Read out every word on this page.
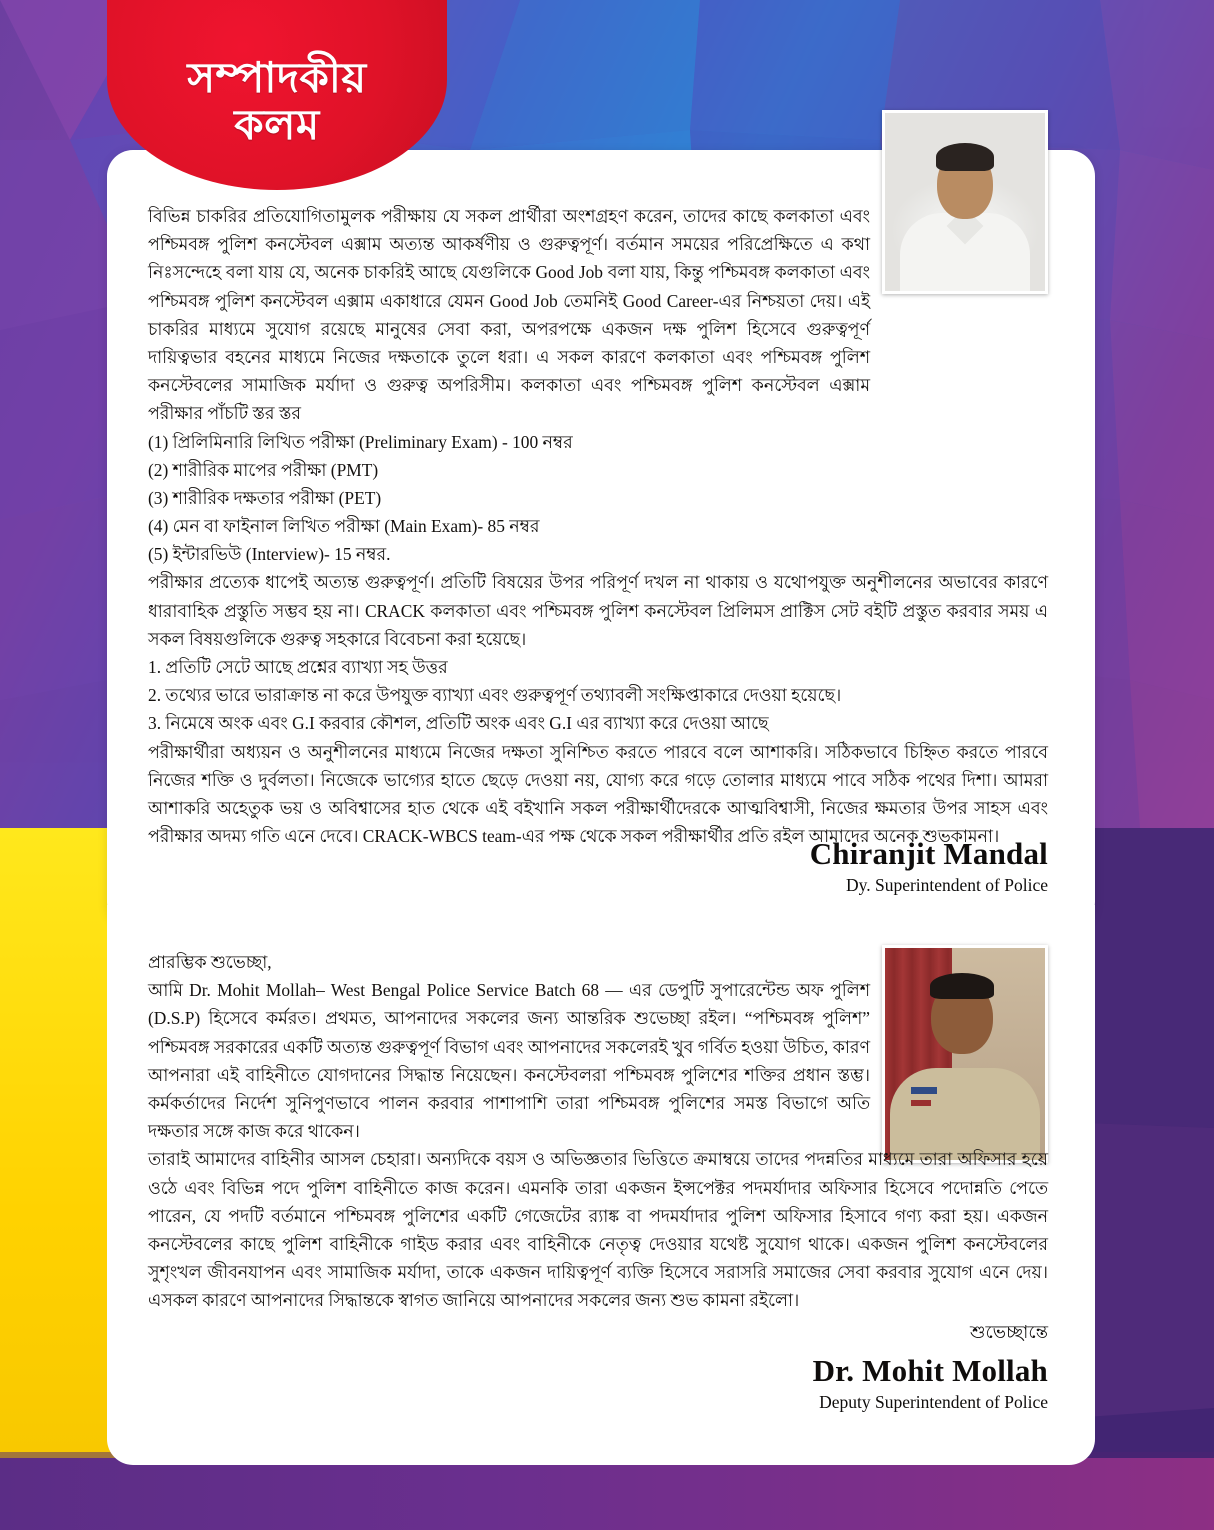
সম্পাদকীয়
কলম
বিভিন্ন চাকরির প্রতিযোগিতামুলক পরীক্ষায় যে সকল প্রার্থীরা অংশগ্রহণ করেন, তাদের কাছে কলকাতা এবং পশ্চিমবঙ্গ পুলিশ কনস্টেবল এক্সাম অত্যন্ত আকর্ষণীয় ও গুরুত্বপূর্ণ। বর্তমান সময়ের পরিপ্রেক্ষিতে এ কথা নিঃসন্দেহে বলা যায় যে, অনেক চাকরিই আছে যেগুলিকে Good Job বলা যায়, কিন্তু পশ্চিমবঙ্গ কলকাতা এবং পশ্চিমবঙ্গ পুলিশ কনস্টেবল এক্সাম একাধারে যেমন Good Job তেমনিই Good Career-এর নিশ্চয়তা দেয়। এই চাকরির মাধ্যমে সুযোগ রয়েছে মানুষের সেবা করা, অপরপক্ষে একজন দক্ষ পুলিশ হিসেবে গুরুত্বপূর্ণ দায়িত্বভার বহনের মাধ্যমে নিজের দক্ষতাকে তুলে ধরা। এ সকল কারণে কলকাতা এবং পশ্চিমবঙ্গ পুলিশ কনস্টেবলের সামাজিক মর্যাদা ও গুরুত্ব অপরিসীম। কলকাতা এবং পশ্চিমবঙ্গ পুলিশ কনস্টেবল এক্সাম পরীক্ষার পাঁচটি স্তর স্তর
(1) প্রিলিমিনারি লিখিত পরীক্ষা (Preliminary Exam) - 100 নম্বর
(2) শারীরিক মাপের পরীক্ষা (PMT)
(3) শারীরিক দক্ষতার পরীক্ষা (PET)
(4) মেন বা ফাইনাল লিখিত পরীক্ষা (Main Exam)- 85 নম্বর
(5) ইন্টারভিউ (Interview)- 15 নম্বর.
পরীক্ষার প্রত্যেক ধাপেই অত্যন্ত গুরুত্বপূর্ণ। প্রতিটি বিষয়ের উপর পরিপূর্ণ দখল না থাকায় ও যথোপযুক্ত অনুশীলনের অভাবের কারণে ধারাবাহিক প্রস্তুতি সম্ভব হয় না। CRACK কলকাতা এবং পশ্চিমবঙ্গ পুলিশ কনস্টেবল প্রিলিমস প্রাক্টিস সেট বইটি প্রস্তুত করবার সময় এ সকল বিষয়গুলিকে গুরুত্ব সহকারে বিবেচনা করা হয়েছে।
1. প্রতিটি সেটে আছে প্রশ্নের ব্যাখ্যা সহ উত্তর
2. তথ্যের ভারে ভারাক্রান্ত না করে উপযুক্ত ব্যাখ্যা এবং গুরুত্বপূর্ণ তথ্যাবলী সংক্ষিপ্তাকারে দেওয়া হয়েছে।
3. নিমেষে অংক এবং G.I করবার কৌশল, প্রতিটি অংক এবং G.I এর ব্যাখ্যা করে দেওয়া আছে
পরীক্ষার্থীরা অধ্যয়ন ও অনুশীলনের মাধ্যমে নিজের দক্ষতা সুনিশ্চিত করতে পারবে বলে আশাকরি। সঠিকভাবে চিহ্নিত করতে পারবে নিজের শক্তি ও দুর্বলতা। নিজেকে ভাগ্যের হাতে ছেড়ে দেওয়া নয়, যোগ্য করে গড়ে তোলার মাধ্যমে পাবে সঠিক পথের দিশা। আমরা আশাকরি অহেতুক ভয় ও অবিশ্বাসের হাত থেকে এই বইখানি সকল পরীক্ষার্থীদেরকে আত্মবিশ্বাসী, নিজের ক্ষমতার উপর সাহস এবং পরীক্ষার অদম্য গতি এনে দেবে। CRACK-WBCS team-এর পক্ষ থেকে সকল পরীক্ষার্থীর প্রতি রইল আমাদের অনেক শুভকামনা।
Chiranjit Mandal
Dy. Superintendent of Police
প্রারম্ভিক শুভেচ্ছা,
আমি Dr. Mohit Mollah– West Bengal Police Service Batch 68 — এর ডেপুটি সুপারেন্টেন্ড অফ পুলিশ (D.S.P) হিসেবে কর্মরত। প্রথমত, আপনাদের সকলের জন্য আন্তরিক শুভেচ্ছা রইল। “পশ্চিমবঙ্গ পুলিশ” পশ্চিমবঙ্গ সরকারের একটি অত্যন্ত গুরুত্বপূর্ণ বিভাগ এবং আপনাদের সকলেরই খুব গর্বিত হওয়া উচিত, কারণ আপনারা এই বাহিনীতে যোগদানের সিদ্ধান্ত নিয়েছেন। কনস্টেবলরা পশ্চিমবঙ্গ পুলিশের শক্তির প্রধান স্তম্ভ। কর্মকর্তাদের নির্দেশ সুনিপুণভাবে পালন করবার পাশাপাশি তারা পশ্চিমবঙ্গ পুলিশের সমস্ত বিভাগে অতি দক্ষতার সঙ্গে কাজ করে থাকেন।
তারাই আমাদের বাহিনীর আসল চেহারা। অন্যদিকে বয়স ও অভিজ্ঞতার ভিত্তিতে ক্রমাম্বয়ে তাদের পদন্নতির মাধ্যমে তারা অফিসার হয়ে ওঠে এবং বিভিন্ন পদে পুলিশ বাহিনীতে কাজ করেন। এমনকি তারা একজন ইন্সপেক্টর পদমর্যাদার অফিসার হিসেবে পদোন্নতি পেতে পারেন, যে পদটি বর্তমানে পশ্চিমবঙ্গ পুলিশের একটি গেজেটের র‍্যাঙ্ক বা পদমর্যাদার পুলিশ অফিসার হিসাবে গণ্য করা হয়। একজন কনস্টেবলের কাছে পুলিশ বাহিনীকে গাইড করার এবং বাহিনীকে নেতৃত্ব দেওয়ার যথেষ্ট সুযোগ থাকে। একজন পুলিশ কনস্টেবলের সুশৃংখল জীবনযাপন এবং সামাজিক মর্যাদা, তাকে একজন দায়িত্বপূর্ণ ব্যক্তি হিসেবে সরাসরি সমাজের সেবা করবার সুযোগ এনে দেয়। এসকল কারণে আপনাদের সিদ্ধান্তকে স্বাগত জানিয়ে আপনাদের সকলের জন্য শুভ কামনা রইলো।
শুভেচ্ছান্তে
Dr. Mohit Mollah
Deputy Superintendent of Police
